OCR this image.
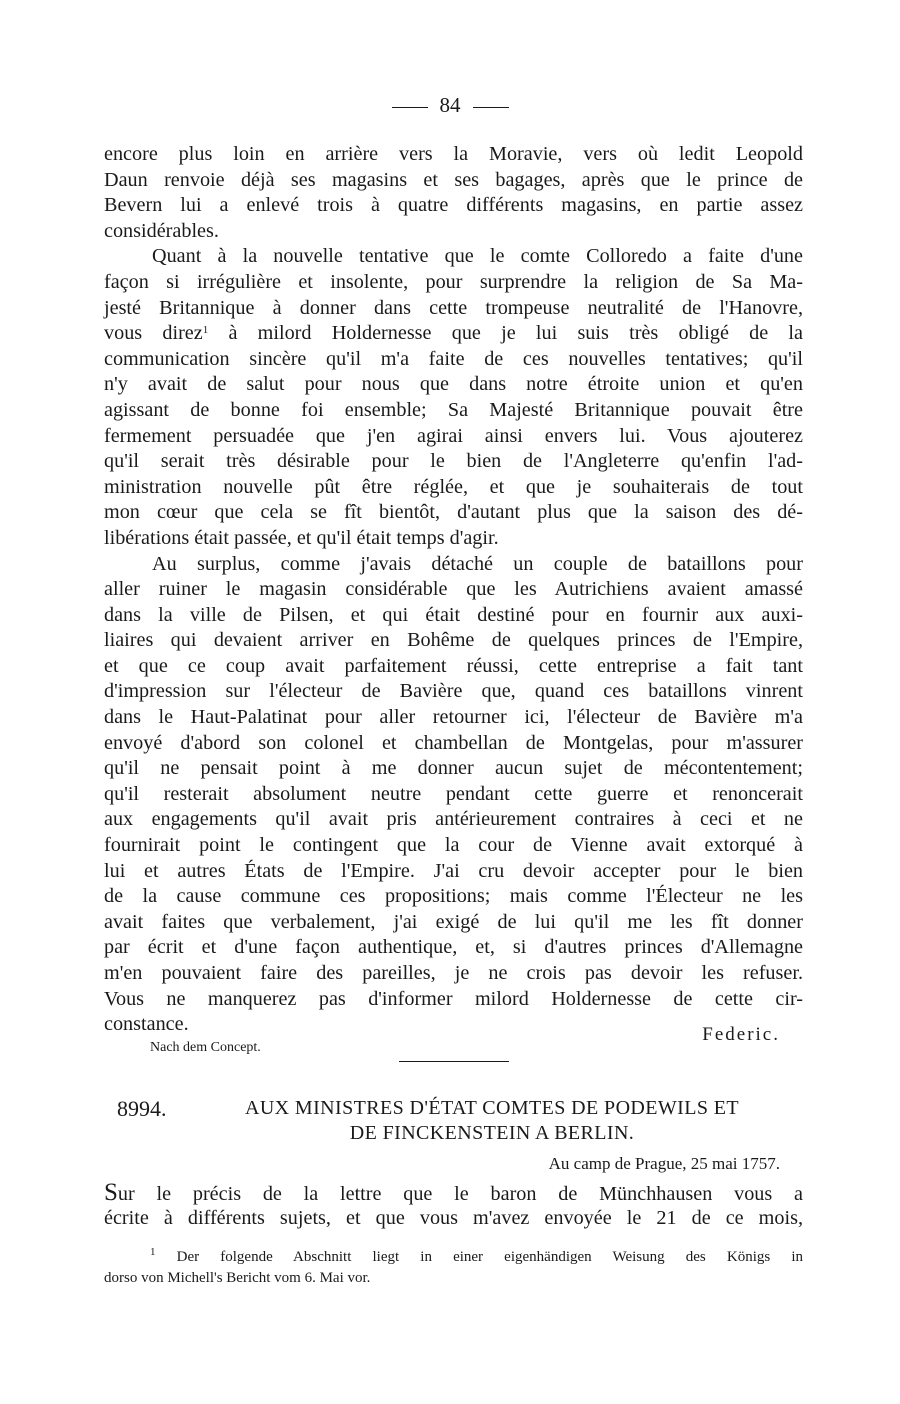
84
encore plus loin en arrière vers la Moravie, vers où ledit Leopold
Daun renvoie déjà ses magasins et ses bagages, après que le prince de
Bevern lui a enlevé trois à quatre différents magasins, en partie assez
considérables.
Quant à la nouvelle tentative que le comte Colloredo a faite d'une
façon si irrégulière et insolente, pour surprendre la religion de Sa Ma-
jesté Britannique à donner dans cette trompeuse neutralité de l'Hanovre,
vous direz$^1$ à milord Holdernesse que je lui suis très obligé de la
communication sincère qu'il m'a faite de ces nouvelles tentatives; qu'il
n'y avait de salut pour nous que dans notre étroite union et qu'en
agissant de bonne foi ensemble; Sa Majesté Britannique pouvait être
fermement persuadée que j'en agirai ainsi envers lui. Vous ajouterez
qu'il serait très désirable pour le bien de l'Angleterre qu'enfin l'ad-
ministration nouvelle pût être réglée, et que je souhaiterais de tout
mon cœur que cela se fît bientôt, d'autant plus que la saison des dé-
libérations était passée, et qu'il était temps d'agir.
Au surplus, comme j'avais détaché un couple de bataillons pour
aller ruiner le magasin considérable que les Autrichiens avaient amassé
dans la ville de Pilsen, et qui était destiné pour en fournir aux auxi-
liaires qui devaient arriver en Bohême de quelques princes de l'Empire,
et que ce coup avait parfaitement réussi, cette entreprise a fait tant
d'impression sur l'électeur de Bavière que, quand ces bataillons vinrent
dans le Haut-Palatinat pour aller retourner ici, l'électeur de Bavière m'a
envoyé d'abord son colonel et chambellan de Montgelas, pour m'assurer
qu'il ne pensait point à me donner aucun sujet de mécontentement;
qu'il resterait absolument neutre pendant cette guerre et renoncerait
aux engagements qu'il avait pris antérieurement contraires à ceci et ne
fournirait point le contingent que la cour de Vienne avait extorqué à
lui et autres États de l'Empire. J'ai cru devoir accepter pour le bien
de la cause commune ces propositions; mais comme l'Électeur ne les
avait faites que verbalement, j'ai exigé de lui qu'il me les fît donner
par écrit et d'une façon authentique, et, si d'autres princes d'Allemagne
m'en pouvaient faire des pareilles, je ne crois pas devoir les refuser.
Vous ne manquerez pas d'informer milord Holdernesse de cette cir-
constance.	Federic.
Nach dem Concept.
8994.	AUX MINISTRES D'ÉTAT COMTES DE PODEWILS ET
DE FINCKENSTEIN A BERLIN.
Au camp de Prague, 25 mai 1757.
Sur le précis de la lettre que le baron de Münchhausen vous a
écrite à différents sujets, et que vous m'avez envoyée le 21 de ce mois,
$^1$ Der folgende Abschnitt liegt in einer eigenhändigen Weisung des Königs in
dorso von Michell's Bericht vom 6. Mai vor.
